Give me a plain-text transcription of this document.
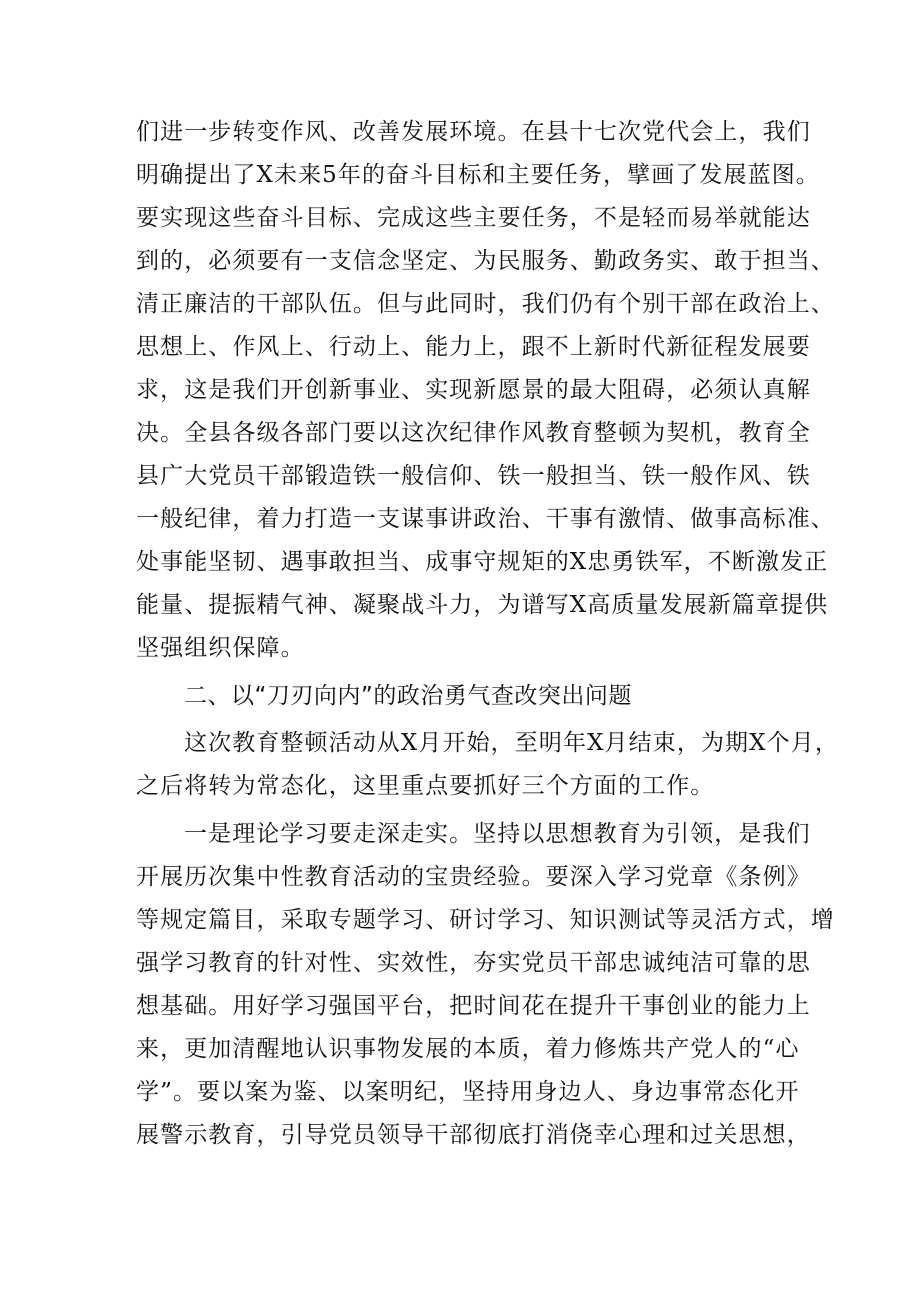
们进一步转变作风、改善发展环境。在县十七次党代会上，我们
明确提出了X未来5年的奋斗目标和主要任务，擘画了发展蓝图。
要实现这些奋斗目标、完成这些主要任务，不是轻而易举就能达
到的，必须要有一支信念坚定、为民服务、勤政务实、敢于担当、
清正廉洁的干部队伍。但与此同时，我们仍有个别干部在政治上、
思想上、作风上、行动上、能力上，跟不上新时代新征程发展要
求，这是我们开创新事业、实现新愿景的最大阻碍，必须认真解
决。全县各级各部门要以这次纪律作风教育整顿为契机，教育全
县广大党员干部锻造铁一般信仰、铁一般担当、铁一般作风、铁
一般纪律，着力打造一支谋事讲政治、干事有激情、做事高标准、
处事能坚韧、遇事敢担当、成事守规矩的X忠勇铁军，不断激发正
能量、提振精气神、凝聚战斗力，为谱写X高质量发展新篇章提供
坚强组织保障。
二、以“刀刃向内”的政治勇气查改突出问题
这次教育整顿活动从X月开始，至明年X月结束，为期X个月，
之后将转为常态化，这里重点要抓好三个方面的工作。
一是理论学习要走深走实。坚持以思想教育为引领，是我们
开展历次集中性教育活动的宝贵经验。要深入学习党章《条例》
等规定篇目，采取专题学习、研讨学习、知识测试等灵活方式，增
强学习教育的针对性、实效性，夯实党员干部忠诚纯洁可靠的思
想基础。用好学习强国平台，把时间花在提升干事创业的能力上
来，更加清醒地认识事物发展的本质，着力修炼共产党人的“心
学”。要以案为鉴、以案明纪，坚持用身边人、身边事常态化开
展警示教育，引导党员领导干部彻底打消侥幸心理和过关思想，
